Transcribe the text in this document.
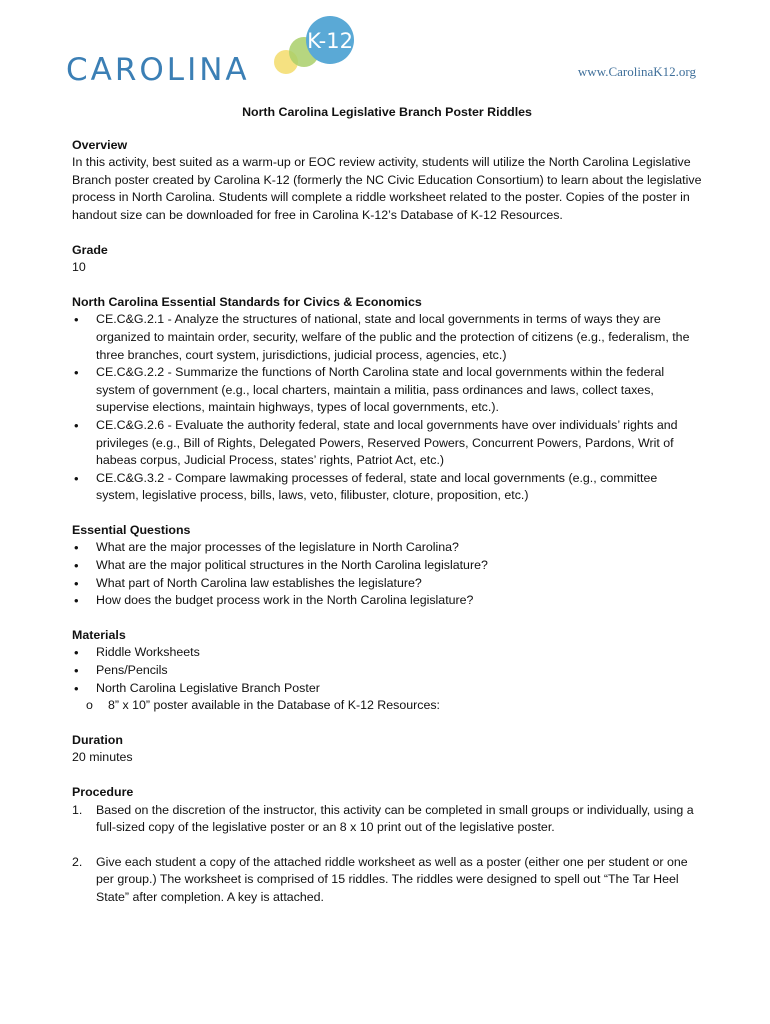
CAROLINA
K-12
www.CarolinaK12.org

North Carolina Legislative Branch Poster Riddles

Overview

In this activity, best suited as a warm-up or EOC review activity, students will utilize the North Carolina Legislative Branch poster created by Carolina K-12 (formerly the NC Civic Education Consortium) to learn about the legislative process in North Carolina. Students will complete a riddle worksheet related to the poster. Copies of the poster in handout size can be downloaded for free in Carolina K-12’s Database of K-12 Resources.

Grade

10

North Carolina Essential Standards for Civics & Economics

• CE.C&G.2.1 - Analyze the structures of national, state and local governments in terms of ways they are organized to maintain order, security, welfare of the public and the protection of citizens (e.g., federalism, the three branches, court system, jurisdictions, judicial process, agencies, etc.)
• CE.C&G.2.2 - Summarize the functions of North Carolina state and local governments within the federal system of government (e.g., local charters, maintain a militia, pass ordinances and laws, collect taxes, supervise elections, maintain highways, types of local governments, etc.).
• CE.C&G.2.6 - Evaluate the authority federal, state and local governments have over individuals’ rights and privileges (e.g., Bill of Rights, Delegated Powers, Reserved Powers, Concurrent Powers, Pardons, Writ of habeas corpus, Judicial Process, states’ rights, Patriot Act, etc.)
• CE.C&G.3.2 - Compare lawmaking processes of federal, state and local governments (e.g., committee system, legislative process, bills, laws, veto, filibuster, cloture, proposition, etc.)

Essential Questions

• What are the major processes of the legislature in North Carolina?
• What are the major political structures in the North Carolina legislature?
• What part of North Carolina law establishes the legislature?
• How does the budget process work in the North Carolina legislature?

Materials

• Riddle Worksheets
• Pens/Pencils
• North Carolina Legislative Branch Poster
o 8” x 10” poster available in the Database of K-12 Resources:

Duration

20 minutes

Procedure

1. Based on the discretion of the instructor, this activity can be completed in small groups or individually, using a full-sized copy of the legislative poster or an 8 x 10 print out of the legislative poster.
2. Give each student a copy of the attached riddle worksheet as well as a poster (either one per student or one per group.) The worksheet is comprised of 15 riddles. The riddles were designed to spell out “The Tar Heel State” after completion. A key is attached.
